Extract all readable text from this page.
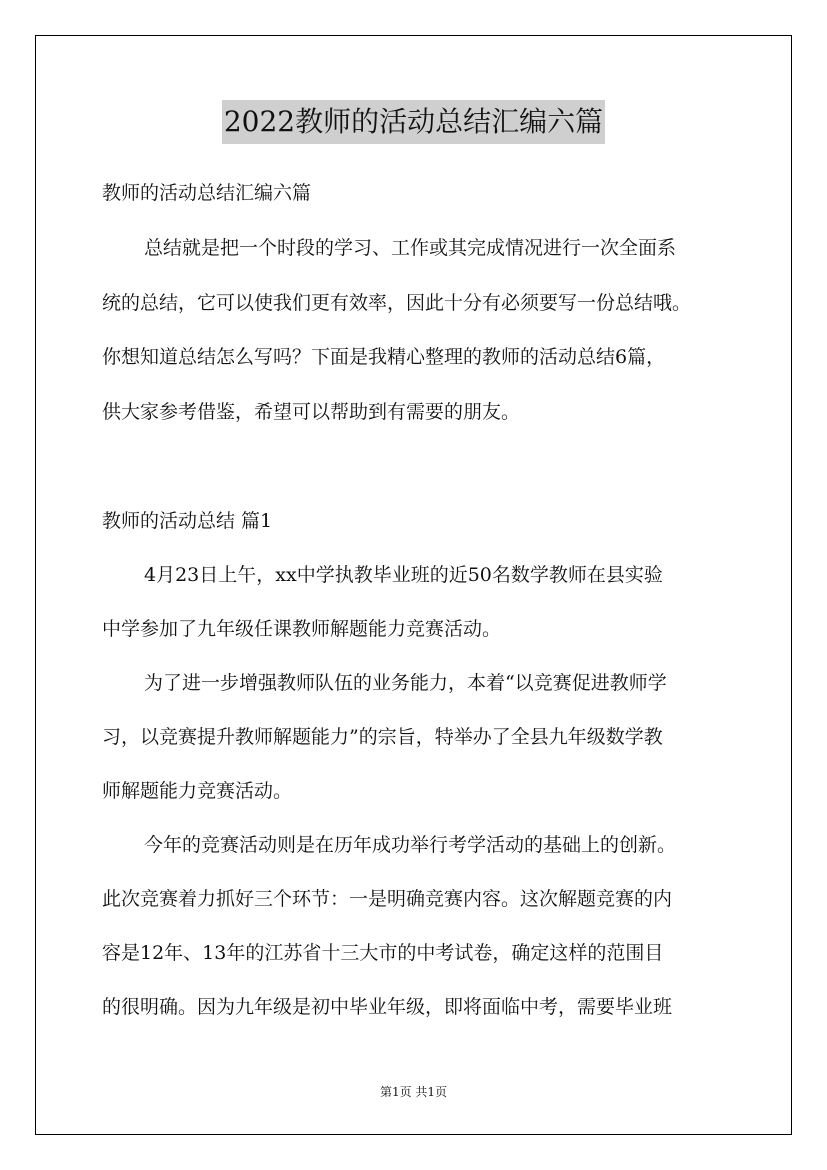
2022教师的活动总结汇编六篇
教师的活动总结汇编六篇
总结就是把一个时段的学习、工作或其完成情况进行一次全面系
统的总结，它可以使我们更有效率，因此十分有必须要写一份总结哦。
你想知道总结怎么写吗？下面是我精心整理的教师的活动总结6篇，
供大家参考借鉴，希望可以帮助到有需要的朋友。
教师的活动总结 篇1
4月23日上午，xx中学执教毕业班的近50名数学教师在县实验
中学参加了九年级任课教师解题能力竞赛活动。
为了进一步增强教师队伍的业务能力，本着“以竞赛促进教师学
习，以竞赛提升教师解题能力”的宗旨，特举办了全县九年级数学教
师解题能力竞赛活动。
今年的竞赛活动则是在历年成功举行考学活动的基础上的创新。
此次竞赛着力抓好三个环节：一是明确竞赛内容。这次解题竞赛的内
容是12年、13年的江苏省十三大市的中考试卷，确定这样的范围目
的很明确。因为九年级是初中毕业年级，即将面临中考，需要毕业班
第1页 共1页
